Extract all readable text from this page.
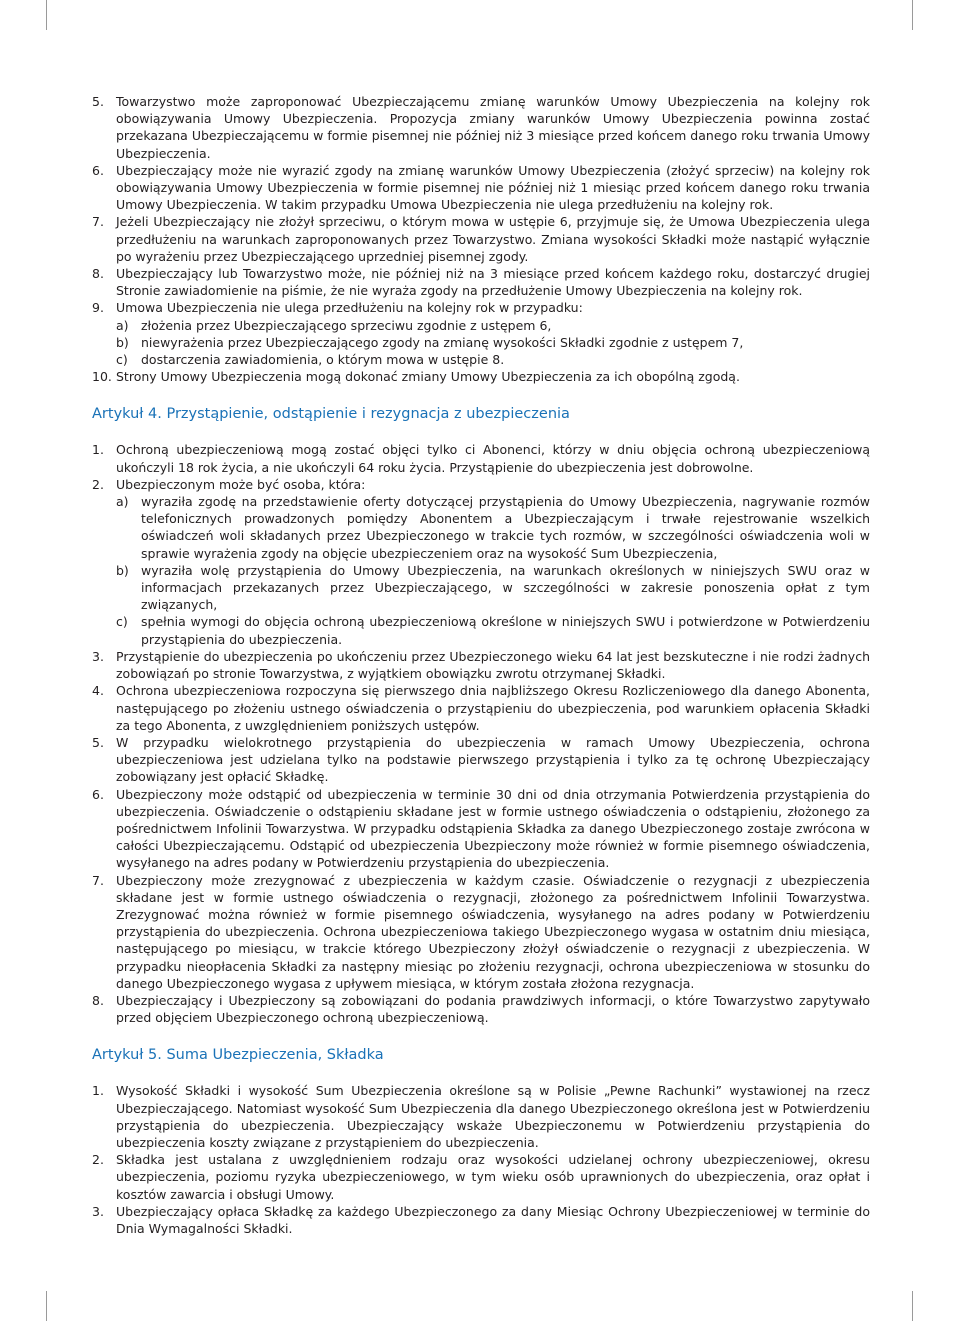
5. Towarzystwo może zaproponować Ubezpieczającemu zmianę warunków Umowy Ubezpieczenia na kolejny rok obowiązywania Umowy Ubezpieczenia. Propozycja zmiany warunków Umowy Ubezpieczenia powinna zostać przekazana Ubezpieczającemu w formie pisemnej nie później niż 3 miesiące przed końcem danego roku trwania Umowy Ubezpieczenia.
6. Ubezpieczający może nie wyrazić zgody na zmianę warunków Umowy Ubezpieczenia (złożyć sprzeciw) na kolejny rok obowiązywania Umowy Ubezpieczenia w formie pisemnej nie później niż 1 miesiąc przed końcem danego roku trwania Umowy Ubezpieczenia. W takim przypadku Umowa Ubezpieczenia nie ulega przedłużeniu na kolejny rok.
7. Jeżeli Ubezpieczający nie złożył sprzeciwu, o którym mowa w ustępie 6, przyjmuje się, że Umowa Ubezpieczenia ulega przedłużeniu na warunkach zaproponowanych przez Towarzystwo. Zmiana wysokości Składki może nastąpić wyłącznie po wyrażeniu przez Ubezpieczającego uprzedniej pisemnej zgody.
8. Ubezpieczający lub Towarzystwo może, nie później niż na 3 miesiące przed końcem każdego roku, dostarczyć drugiej Stronie zawiadomienie na piśmie, że nie wyraża zgody na przedłużenie Umowy Ubezpieczenia na kolejny rok.
9. Umowa Ubezpieczenia nie ulega przedłużeniu na kolejny rok w przypadku:
a) złożenia przez Ubezpieczającego sprzeciwu zgodnie z ustępem 6,
b) niewyrażenia przez Ubezpieczającego zgody na zmianę wysokości Składki zgodnie z ustępem 7,
c) dostarczenia zawiadomienia, o którym mowa w ustępie 8.
10. Strony Umowy Ubezpieczenia mogą dokonać zmiany Umowy Ubezpieczenia za ich obopólną zgodą.
Artykuł 4. Przystąpienie, odstąpienie i rezygnacja z ubezpieczenia
1. Ochroną ubezpieczeniową mogą zostać objęci tylko ci Abonenci, którzy w dniu objęcia ochroną ubezpieczeniową ukończyli 18 rok życia, a nie ukończyli 64 roku życia. Przystąpienie do ubezpieczenia jest dobrowolne.
2. Ubezpieczonym może być osoba, która:
a) wyraziła zgodę na przedstawienie oferty dotyczącej przystąpienia do Umowy Ubezpieczenia, nagrywanie rozmów telefonicznych prowadzonych pomiędzy Abonentem a Ubezpieczającym i trwałe rejestrowanie wszelkich oświadczeń woli składanych przez Ubezpieczonego w trakcie tych rozmów, w szczególności oświadczenia woli w sprawie wyrażenia zgody na objęcie ubezpieczeniem oraz na wysokość Sum Ubezpieczenia,
b) wyraziła wolę przystąpienia do Umowy Ubezpieczenia, na warunkach określonych w niniejszych SWU oraz w informacjach przekazanych przez Ubezpieczającego, w szczególności w zakresie ponoszenia opłat z tym związanych,
c) spełnia wymogi do objęcia ochroną ubezpieczeniową określone w niniejszych SWU i potwierdzone w Potwierdzeniu przystąpienia do ubezpieczenia.
3. Przystąpienie do ubezpieczenia po ukończeniu przez Ubezpieczonego wieku 64 lat jest bezskuteczne i nie rodzi żadnych zobowiązań po stronie Towarzystwa, z wyjątkiem obowiązku zwrotu otrzymanej Składki.
4. Ochrona ubezpieczeniowa rozpoczyna się pierwszego dnia najbliższego Okresu Rozliczeniowego dla danego Abonenta, następującego po złożeniu ustnego oświadczenia o przystąpieniu do ubezpieczenia, pod warunkiem opłacenia Składki za tego Abonenta, z uwzględnieniem poniższych ustępów.
5. W przypadku wielokrotnego przystąpienia do ubezpieczenia w ramach Umowy Ubezpieczenia, ochrona ubezpieczeniowa jest udzielana tylko na podstawie pierwszego przystąpienia i tylko za tę ochronę Ubezpieczający zobowiązany jest opłacić Składkę.
6. Ubezpieczony może odstąpić od ubezpieczenia w terminie 30 dni od dnia otrzymania Potwierdzenia przystąpienia do ubezpieczenia. Oświadczenie o odstąpieniu składane jest w formie ustnego oświadczenia o odstąpieniu, złożonego za pośrednictwem Infolinii Towarzystwa. W przypadku odstąpienia Składka za danego Ubezpieczonego zostaje zwrócona w całości Ubezpieczającemu. Odstąpić od ubezpieczenia Ubezpieczony może również w formie pisemnego oświadczenia, wysyłanego na adres podany w Potwierdzeniu przystąpienia do ubezpieczenia.
7. Ubezpieczony może zrezygnować z ubezpieczenia w każdym czasie. Oświadczenie o rezygnacji z ubezpieczenia składane jest w formie ustnego oświadczenia o rezygnacji, złożonego za pośrednictwem Infolinii Towarzystwa. Zrezygnować można również w formie pisemnego oświadczenia, wysyłanego na adres podany w Potwierdzeniu przystąpienia do ubezpieczenia. Ochrona ubezpieczeniowa takiego Ubezpieczonego wygasa w ostatnim dniu miesiąca, następującego po miesiącu, w trakcie którego Ubezpieczony złożył oświadczenie o rezygnacji z ubezpieczenia. W przypadku nieopłacenia Składki za następny miesiąc po złożeniu rezygnacji, ochrona ubezpieczeniowa w stosunku do danego Ubezpieczonego wygasa z upływem miesiąca, w którym została złożona rezygnacja.
8. Ubezpieczający i Ubezpieczony są zobowiązani do podania prawdziwych informacji, o które Towarzystwo zapytywało przed objęciem Ubezpieczonego ochroną ubezpieczeniową.
Artykuł 5. Suma Ubezpieczenia, Składka
1. Wysokość Składki i wysokość Sum Ubezpieczenia określone są w Polisie „Pewne Rachunki” wystawionej na rzecz Ubezpieczającego. Natomiast wysokość Sum Ubezpieczenia dla danego Ubezpieczonego określona jest w Potwierdzeniu przystąpienia do ubezpieczenia. Ubezpieczający wskaże Ubezpieczonemu w Potwierdzeniu przystąpienia do ubezpieczenia koszty związane z przystąpieniem do ubezpieczenia.
2. Składka jest ustalana z uwzględnieniem rodzaju oraz wysokości udzielanej ochrony ubezpieczeniowej, okresu ubezpieczenia, poziomu ryzyka ubezpieczeniowego, w tym wieku osób uprawnionych do ubezpieczenia, oraz opłat i kosztów zawarcia i obsługi Umowy.
3. Ubezpieczający opłaca Składkę za każdego Ubezpieczonego za dany Miesiąc Ochrony Ubezpieczeniowej w terminie do Dnia Wymagalności Składki.
